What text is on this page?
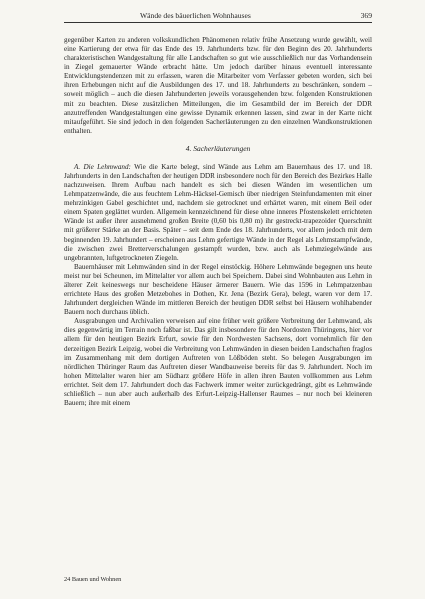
Wände des bäuerlichen Wohnhauses	369

gegenüber Karten zu anderen volkskundlichen Phänomenen relativ frühe Ansetzung wurde gewählt, weil eine Kartierung der etwa für das Ende des 19. Jahrhunderts bzw. für den Beginn des 20. Jahrhunderts charakteristischen Wandgestaltung für alle Landschaften so gut wie ausschließlich nur das Vorhandensein in Ziegel gemauerter Wände erbracht hätte. Um jedoch darüber hinaus eventuell interessante Entwicklungstendenzen mit zu erfassen, waren die Mitarbeiter vom Verfasser gebeten worden, sich bei ihren Erhebungen nicht auf die Ausbildungen des 17. und 18. Jahrhunderts zu beschränken, sondern – soweit möglich – auch die diesen Jahrhunderten jeweils vorausgehenden bzw. folgenden Konstruktionen mit zu beachten. Diese zusätzlichen Mitteilungen, die im Gesamtbild der im Bereich der DDR anzutreffenden Wandgestaltungen eine gewisse Dynamik erkennen lassen, sind zwar in der Karte nicht mitaufgeführt. Sie sind jedoch in den folgenden Sacherläuterungen zu den einzelnen Wandkonstruktionen enthalten.

4. Sacherläuterungen

A. Die Lehmwand: Wie die Karte belegt, sind Wände aus Lehm am Bauernhaus des 17. und 18. Jahrhunderts in den Landschaften der heutigen DDR insbesondere noch für den Bereich des Bezirkes Halle nachzuweisen. Ihrem Aufbau nach handelt es sich bei diesen Wänden im wesentlichen um Lehmpatzenwände, die aus feuchtem Lehm-Häcksel-Gemisch über niedrigen Steinfundamenten mit einer mehrzinkigen Gabel geschichtet und, nachdem sie getrocknet und erhärtet waren, mit einem Beil oder einem Spaten geglättet wurden. Allgemein kennzeichnend für diese ohne inneres Pfostenskelett errichteten Wände ist außer ihrer ausnehmend großen Breite (0,60 bis 0,80 m) ihr gestreckt-trapezoider Querschnitt mit größerer Stärke an der Basis. Später – seit dem Ende des 18. Jahrhunderts, vor allem jedoch mit dem beginnenden 19. Jahrhundert – erscheinen aus Lehm gefertigte Wände in der Regel als Lehmstampfwände, die zwischen zwei Bretterverschalungen gestampft wurden, bzw. auch als Lehmziegelwände aus ungebrannten, luftgetrockneten Ziegeln.

Bauernhäuser mit Lehmwänden sind in der Regel einstöckig. Höhere Lehmwände begegnen uns heute meist nur bei Scheunen, im Mittelalter vor allem auch bei Speichern. Dabei sind Wohnbauten aus Lehm in älterer Zeit keineswegs nur bescheidene Häuser ärmerer Bauern. Wie das 1596 in Lehmpatzenbau errichtete Haus des großen Metzebohes in Dothen, Kr. Jena (Bezirk Gera), belegt, waren vor dem 17. Jahrhundert dergleichen Wände im mittleren Bereich der heutigen DDR selbst bei Häusern wohlhabender Bauern noch durchaus üblich.

Ausgrabungen und Archivalien verweisen auf eine früher weit größere Verbreitung der Lehmwand, als dies gegenwärtig im Terrain noch faßbar ist. Das gilt insbesondere für den Nordosten Thüringens, hier vor allem für den heutigen Bezirk Erfurt, sowie für den Nordwesten Sachsens, dort vornehmlich für den derzeitigen Bezirk Leipzig, wobei die Verbreitung von Lehmwänden in diesen beiden Landschaften fraglos im Zusammenhang mit dem dortigen Auftreten von Lößböden steht. So belegen Ausgrabungen im nördlichen Thüringer Raum das Auftreten dieser Wandbauweise bereits für das 9. Jahrhundert. Noch im hohen Mittelalter waren hier am Südharz größere Höfe in allen ihren Bauten vollkommen aus Lehm errichtet. Seit dem 17. Jahrhundert doch das Fachwerk immer weiter zurückgedrängt, gibt es Lehmwände schließlich – nun aber auch außerhalb des Erfurt-Leipzig-Hallenser Raumes – nur noch bei kleineren Bauern; ihre mit einem

24 Bauen und Wohnen
